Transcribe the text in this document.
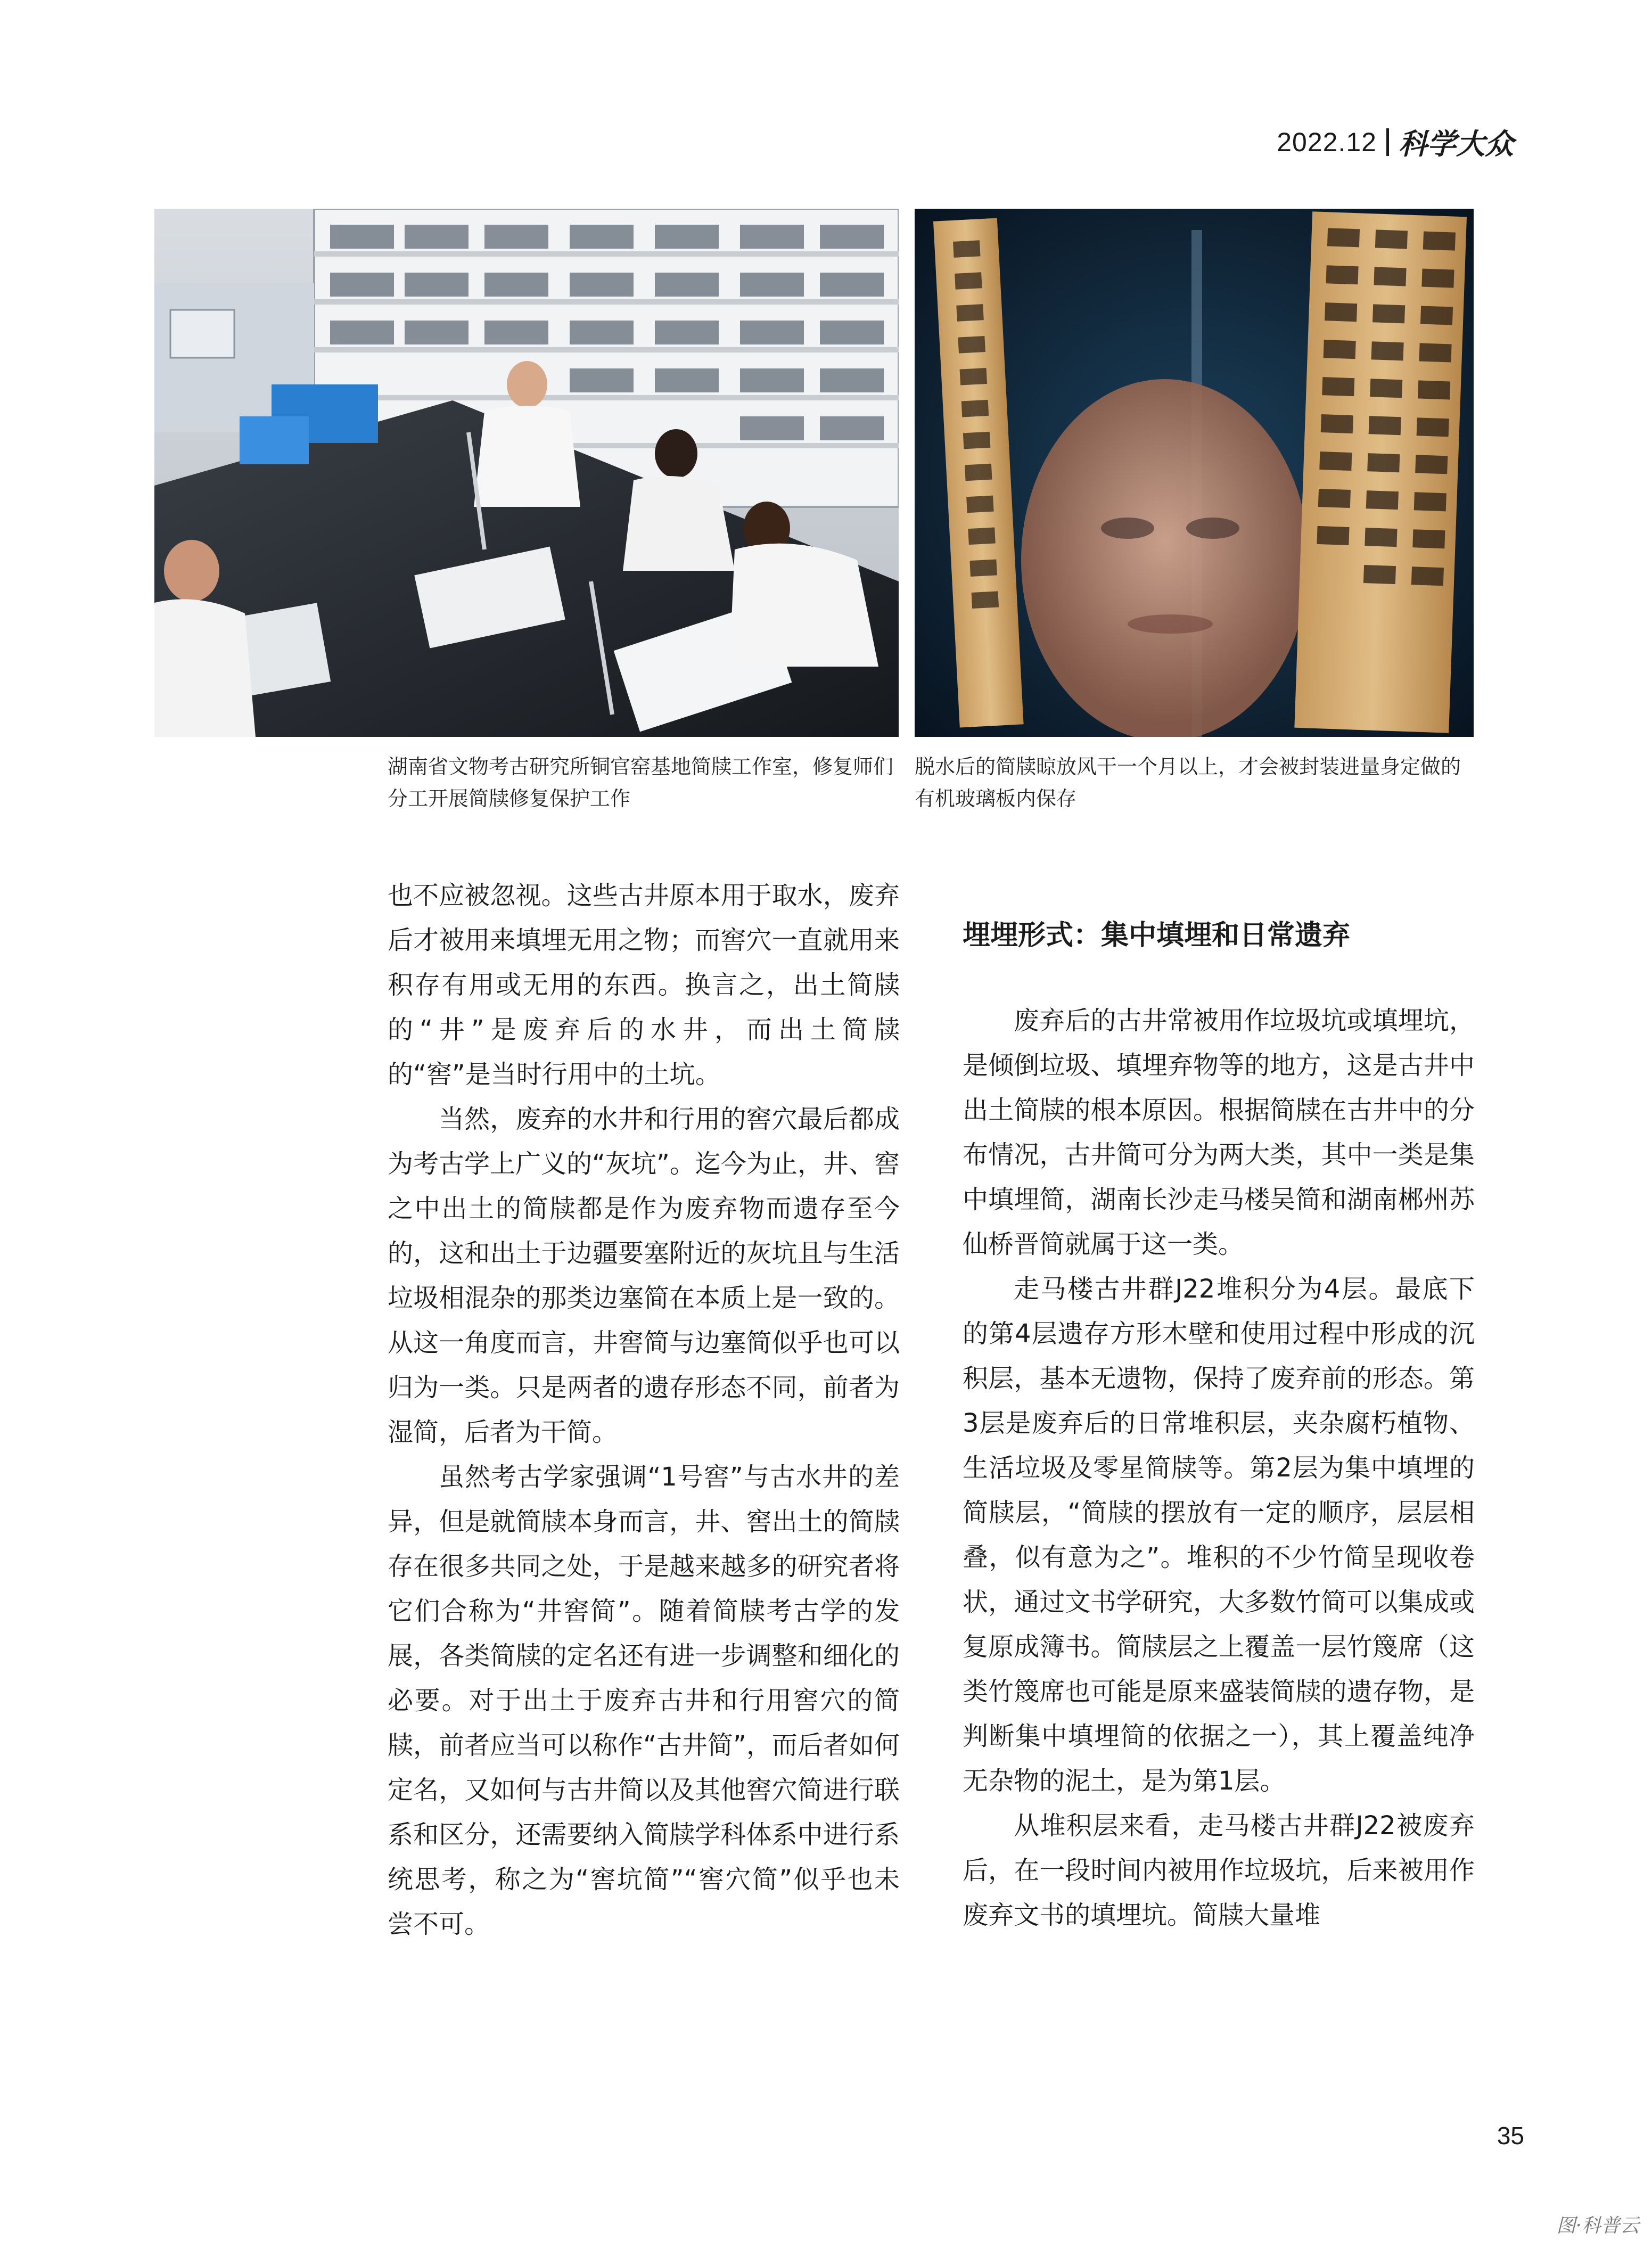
2022.12 科学大众
湖南省文物考古研究所铜官窑基地简牍工作室，修复师们分工开展简牍修复保护工作
脱水后的简牍晾放风干一个月以上，才会被封装进量身定做的有机玻璃板内保存

也不应被忽视。这些古井原本用于取水，废弃后才被用来填埋无用之物；而窖穴一直就用来积存有用或无用的东西。换言之，出土简牍的“井”是废弃后的水井，而出土简牍的“窖”是当时行用中的土坑。

当然，废弃的水井和行用的窖穴最后都成为考古学上广义的“灰坑”。迄今为止，井、窖之中出土的简牍都是作为废弃物而遗存至今的，这和出土于边疆要塞附近的灰坑且与生活垃圾相混杂的那类边塞简在本质上是一致的。从这一角度而言，井窖简与边塞简似乎也可以归为一类。只是两者的遗存形态不同，前者为湿简，后者为干简。

虽然考古学家强调“1号窖”与古水井的差异，但是就简牍本身而言，井、窖出土的简牍存在很多共同之处，于是越来越多的研究者将它们合称为“井窖简”。随着简牍考古学的发展，各类简牍的定名还有进一步调整和细化的必要。对于出土于废弃古井和行用窖穴的简牍，前者应当可以称作“古井简”，而后者如何定名，又如何与古井简以及其他窖穴简进行联系和区分，还需要纳入简牍学科体系中进行系统思考，称之为“窖坑简”“窖穴简”似乎也未尝不可。

埋埋形式：集中填埋和日常遗弃

废弃后的古井常被用作垃圾坑或填埋坑，是倾倒垃圾、填埋弃物等的地方，这是古井中出土简牍的根本原因。根据简牍在古井中的分布情况，古井简可分为两大类，其中一类是集中填埋简，湖南长沙走马楼吴简和湖南郴州苏仙桥晋简就属于这一类。

走马楼古井群J22堆积分为4层。最底下的第4层遗存方形木壁和使用过程中形成的沉积层，基本无遗物，保持了废弃前的形态。第3层是废弃后的日常堆积层，夹杂腐朽植物、生活垃圾及零星简牍等。第2层为集中填埋的简牍层，“简牍的摆放有一定的顺序，层层相叠，似有意为之”。堆积的不少竹简呈现收卷状，通过文书学研究，大多数竹简可以集成或复原成簿书。简牍层之上覆盖一层竹篾席（这类竹篾席也可能是原来盛装简牍的遗存物，是判断集中填埋简的依据之一），其上覆盖纯净无杂物的泥土，是为第1层。

从堆积层来看，走马楼古井群J22被废弃后，在一段时间内被用作垃圾坑，后来被用作废弃文书的填埋坑。简牍大量堆

35
图·科普云
